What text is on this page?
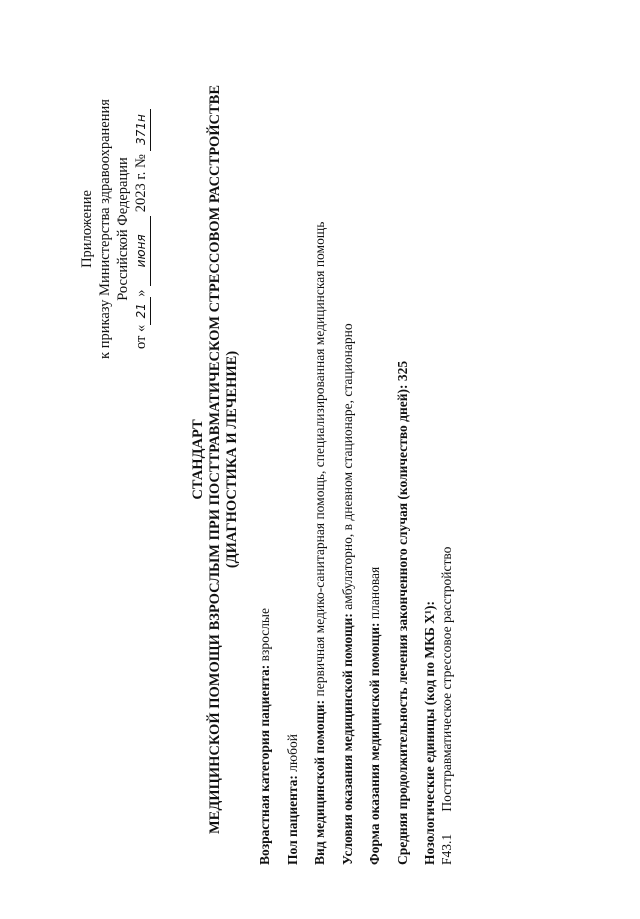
Приложение к приказу Министерства здравоохранения Российской Федерации
от «21» июня 2023 г. № 371н
СТАНДАРТ МЕДИЦИНСКОЙ ПОМОЩИ ВЗРОСЛЫМ ПРИ ПОСТТРАВМАТИЧЕСКОМ СТРЕССОВОМ РАССТРОЙСТВЕ (ДИАГНОСТИКА И ЛЕЧЕНИЕ)
Возрастная категория пациента: взрослые
Пол пациента: любой Вид медицинской помощи: первичная медико-санитарная помощь, специализированная медицинская помощь
Условия оказания медицинской помощи: амбулаторно, в дневном стационаре, стационарно
Форма оказания медицинской помощи: плановая Средняя продолжительность лечения законченного случая (количество дней): 325
Нозологические единицы (код по МКБ X¹): F43.1 Посттравматическое стрессовое расстройство
